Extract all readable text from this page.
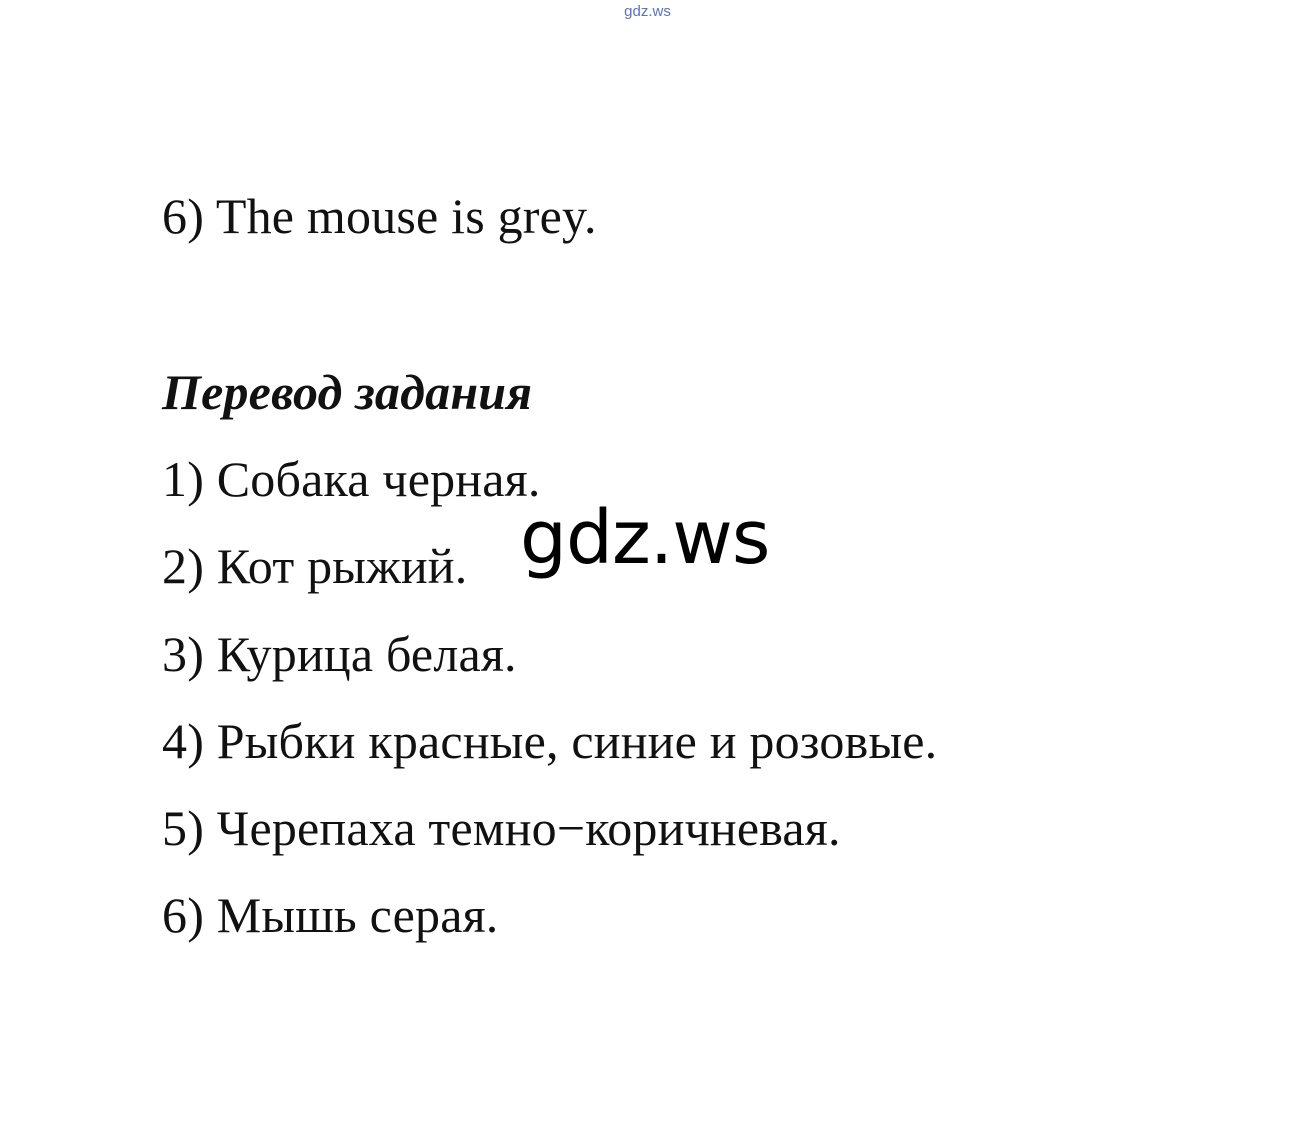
gdz.ws
6) The mouse is grey.
Перевод задания
1) Собака черная.
2) Кот рыжий.
3) Курица белая.
4) Рыбки красные, синие и розовые.
5) Черепаха темно−коричневая.
6) Мышь серая.
gdz.ws
